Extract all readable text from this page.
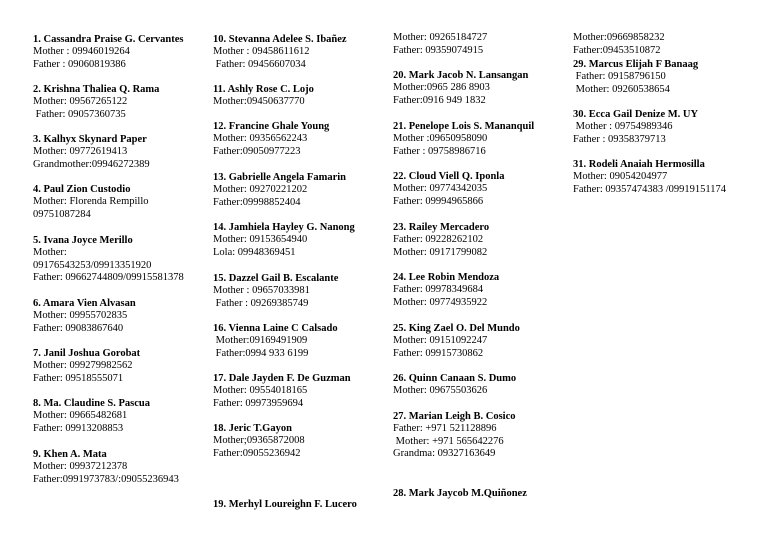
1. Cassandra Praise G. Cervantes
Mother : 09946019264
Father : 09060819386
2. Krishna Thaliea Q. Rama
Mother: 09567265122
Father: 09057360735
3. Kalhyx Skynard Paper
Mother: 09772619413
Grandmother:09946272389
4. Paul Zion Custodio
Mother: Florenda Rempillo
09751087284
5. Ivana Joyce Merillo
Mother:
09176543253/09913351920
Father: 09662744809/09915581378
6. Amara Vien Alvasan
Mother: 09955702835
Father: 09083867640
7. Janil Joshua Gorobat
Mother: 099279982562
Father: 09518555071
8. Ma. Claudine S. Pascua
Mother: 09665482681
Father: 09913208853
9. Khen A. Mata
Mother: 09937212378
Father:0991973783/:09055236943
10. Stevanna Adelee S. Ibañez
Mother : 09458611612
Father: 09456607034
11. Ashly Rose C. Lojo
Mother:09450637770
12. Francine Ghale Young
Mother: 09356562243
Father:09050977223
13. Gabrielle Angela Famarin
Mother: 09270221202
Father:09998852404
14. Jamhiela Hayley G. Nanong
Mother: 09153654940
Lola: 09948369451
15. Dazzel Gail B. Escalante
Mother : 09657033981
Father : 09269385749
16. Vienna Laine C Calsado
Mother:09169491909
Father:0994 933 6199
17. Dale Jayden F. De Guzman
Mother: 09554018165
Father: 09973959694
18. Jeric T.Gayon
Mother;09365872008
Father:09055236942
19. Merhyl Loureighn F. Lucero
Mother: 09265184727
Father: 09359074915
20. Mark Jacob N. Lansangan
Mother:0965 286 8903
Father:0916 949 1832
21. Penelope Lois S. Mananquil
Mother :09650958090
Father : 09758986716
22. Cloud Viell Q. Iponla
Mother: 09774342035
Father: 09994965866
23. Railey Mercadero
Father: 09228262102
Mother: 09171799082
24. Lee Robin Mendoza
Father: 09978349684
Mother: 09774935922
25. King Zael O. Del Mundo
Mother: 09151092247
Father: 09915730862
26. Quinn Canaan S. Dumo
Mother: 09675503626
27. Marian Leigh B. Cosico
Father: +971 521128896
Mother: +971 565642276
Grandma: 09327163649
28. Mark Jaycob M.Quiñonez
Mother:09669858232
Father:09453510872
29. Marcus Elijah F Banaag
Father: 09158796150
Mother: 09260538654
30. Ecca Gail Denize M. UY
Mother : 09754989346
Father : 09358379713
31. Rodeli Anaiah Hermosilla
Mother: 09054204977
Father: 09357474383 /09919151174
